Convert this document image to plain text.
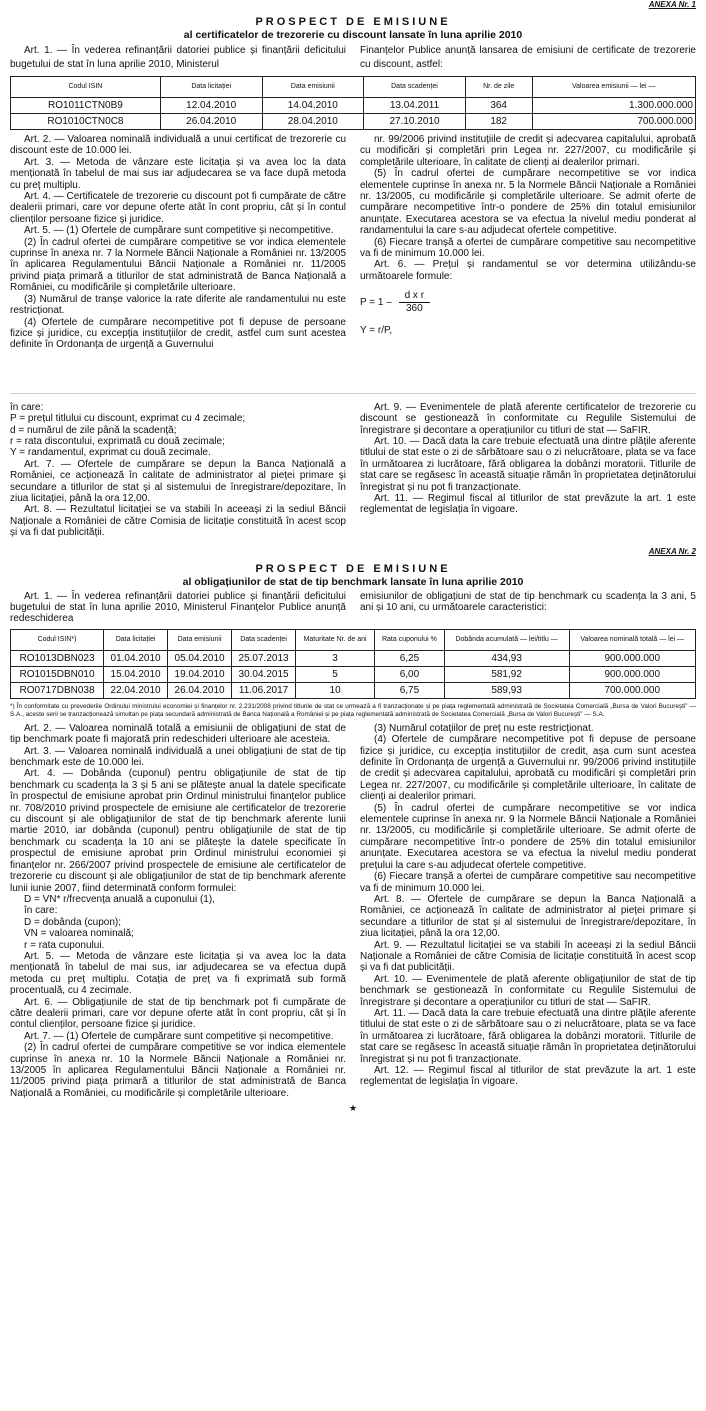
ANEXA Nr. 1
PROSPECT DE EMISIUNE
al certificatelor de trezorerie cu discount lansate în luna aprilie 2010

Art. 1. — În vederea refinanțării datoriei publice și finanțării deficitului bugetului de stat în luna aprilie 2010, Ministerul

Finanțelor Publice anunță lansarea de emisiuni de certificate de trezorerie cu discount, astfel:

Codul ISIN	Data licitației	Data emisiunii	Data scadenței	Nr. de zile	Valoarea emisiunii — lei —
RO1011CTN0B9	12.04.2010	14.04.2010	13.04.2011	364	1.300.000.000
RO1010CTN0C8	26.04.2010	28.04.2010	27.10.2010	182	700.000.000

Art. 2. — Valoarea nominală individuală a unui certificat de trezorerie cu discount este de 10.000 lei.

Art. 3. — Metoda de vânzare este licitația și va avea loc la data menționată în tabelul de mai sus iar adjudecarea se va face după metoda cu preț multiplu.

Art. 4. — Certificatele de trezorerie cu discount pot fi cumpărate de către dealerii primari, care vor depune oferte atât în cont propriu, cât și în contul clienților persoane fizice și juridice.

Art. 5. — (1) Ofertele de cumpărare sunt competitive și necompetitive.

(2) În cadrul ofertei de cumpărare competitive se vor indica elementele cuprinse în anexa nr. 7 la Normele Băncii Naționale a României nr. 13/2005 în aplicarea Regulamentului Băncii Naționale a României nr. 11/2005 privind piața primară a titlurilor de stat administrată de Banca Națională a României, cu modificările și completările ulterioare.

(3) Numărul de tranșe valorice la rate diferite ale randamentului nu este restricționat.

(4) Ofertele de cumpărare necompetitive pot fi depuse de persoane fizice și juridice, cu excepția instituțiilor de credit, astfel cum sunt acestea definite în Ordonanța de urgență a Guvernului

nr. 99/2006 privind instituțiile de credit și adecvarea capitalului, aprobată cu modificări și completări prin Legea nr. 227/2007, cu modificările și completările ulterioare, în calitate de clienți ai dealerilor primari.

(5) În cadrul ofertei de cumpărare necompetitive se vor indica elementele cuprinse în anexa nr. 5 la Normele Băncii Naționale a României nr. 13/2005, cu modificările și completările ulterioare. Se admit oferte de cumpărare necompetitive într-o pondere de 25% din totalul emisiunilor anunțate. Executarea acestora se va efectua la nivelul mediu ponderat al randamentului la care s-au adjudecat ofertele competitive.

(6) Fiecare tranșă a ofertei de cumpărare competitive sau necompetitive va fi de minimum 10.000 lei.

Art. 6. — Prețul și randamentul se vor determina utilizându-se următoarele formule:

$P = 1 - \frac{\text{d x r}}{360}$
Y = r/P,

în care:

P = prețul titlului cu discount, exprimat cu 4 zecimale;

d = numărul de zile până la scadență;

r = rata discontului, exprimată cu două zecimale;

Y = randamentul, exprimat cu două zecimale.

Art. 7. — Ofertele de cumpărare se depun la Banca Națională a României, ce acționează în calitate de administrator al pieței primare și secundare a titlurilor de stat și al sistemului de înregistrare/depozitare, în ziua licitației, până la ora 12,00.

Art. 8. — Rezultatul licitației se va stabili în aceeași zi la sediul Băncii Naționale a României de către Comisia de licitație constituită în acest scop și va fi dat publicității.

Art. 9. — Evenimentele de plată aferente certificatelor de trezorerie cu discount se gestionează în conformitate cu Regulile Sistemului de înregistrare și decontare a operațiunilor cu titluri de stat — SaFIR.

Art. 10. — Dacă data la care trebuie efectuată una dintre plățile aferente titlului de stat este o zi de sărbătoare sau o zi nelucrătoare, plata se va face în următoarea zi lucrătoare, fără obligarea la dobânzi moratorii. Titlurile de stat care se regăsesc în această situație rămân în proprietatea deținătorului înregistrat și nu pot fi tranzacționate.

Art. 11. — Regimul fiscal al titlurilor de stat prevăzute la art. 1 este reglementat de legislația în vigoare.

ANEXA Nr. 2
PROSPECT DE EMISIUNE
al obligațiunilor de stat de tip benchmark lansate în luna aprilie 2010

Art. 1. — În vederea refinanțării datoriei publice și finanțării deficitului bugetului de stat în luna aprilie 2010, Ministerul Finanțelor Publice anunță redeschiderea

emisiunilor de obligațiuni de stat de tip benchmark cu scadența la 3 ani, 5 ani și 10 ani, cu următoarele caracteristici:

Codul ISIN*)	Data licitației	Data emisiunii	Data scadenței	Maturitate Nr. de ani	Rata cuponului %	Dobânda acumulată — lei/titlu —	Valoarea nominală totală — lei —
RO1013DBN023	01.04.2010	05.04.2010	25.07.2013	3	6,25	434,93	900.000.000
RO1015DBN010	15.04.2010	19.04.2010	30.04.2015	5	6,00	581,92	900.000.000
RO0717DBN038	22.04.2010	26.04.2010	11.06.2017	10	6,75	589,93	700.000.000
*) În conformitate cu prevederile Ordinului ministrului economiei și finanțelor nr. 2.231/2008 privind titlurile de stat ce urmează a fi tranzacționate și pe piața reglementată administrată de Societatea Comercială „Bursa de Valori București” — S.A., aceste serii se tranzacționează simultan pe piața secundară administrată de Banca Națională a României și pe piața reglementată administrată de Societatea Comercială „Bursa de Valori București” — S.A.

Art. 2. — Valoarea nominală totală a emisiunii de obligațiuni de stat de tip benchmark poate fi majorată prin redeschideri ulterioare ale acesteia.

Art. 3. — Valoarea nominală individuală a unei obligațiuni de stat de tip benchmark este de 10.000 lei.

Art. 4. — Dobânda (cuponul) pentru obligațiunile de stat de tip benchmark cu scadența la 3 și 5 ani se plătește anual la datele specificate în prospectul de emisiune aprobat prin Ordinul ministrului finanțelor publice nr. 708/2010 privind prospectele de emisiune ale certificatelor de trezorerie cu discount și ale obligațiunilor de stat de tip benchmark aferente lunii martie 2010, iar dobânda (cuponul) pentru obligațiunile de stat de tip benchmark cu scadența la 10 ani se plătește la datele specificate în prospectul de emisiune aprobat prin Ordinul ministrului economiei și finanțelor nr. 266/2007 privind prospectele de emisiune ale certificatelor de trezorerie cu discount și ale obligațiunilor de stat de tip benchmark aferente lunii iunie 2007, fiind determinată conform formulei:

D = VN* r/frecvența anuală a cuponului (1),

în care:

D = dobânda (cupon);

VN = valoarea nominală;

r = rata cuponului.

Art. 5. — Metoda de vânzare este licitația și va avea loc la data menționată în tabelul de mai sus, iar adjudecarea se va efectua după metoda cu preț multiplu. Cotația de preț va fi exprimată sub formă procentuală, cu 4 zecimale.

Art. 6. — Obligațiunile de stat de tip benchmark pot fi cumpărate de către dealerii primari, care vor depune oferte atât în cont propriu, cât și în contul clienților, persoane fizice și juridice.

Art. 7. — (1) Ofertele de cumpărare sunt competitive și necompetitive.

(2) În cadrul ofertei de cumpărare competitive se vor indica elementele cuprinse în anexa nr. 10 la Normele Băncii Naționale a României nr. 13/2005 în aplicarea Regulamentului Băncii Naționale a României nr. 11/2005 privind piața primară a titlurilor de stat administrată de Banca Națională a României, cu modificările și completările ulterioare.

(3) Numărul cotațiilor de preț nu este restricționat.

(4) Ofertele de cumpărare necompetitive pot fi depuse de persoane fizice și juridice, cu excepția instituțiilor de credit, așa cum sunt acestea definite în Ordonanța de urgență a Guvernului nr. 99/2006 privind instituțiile de credit și adecvarea capitalului, aprobată cu modificări și completări prin Legea nr. 227/2007, cu modificările și completările ulterioare, în calitate de clienți ai dealerilor primari.

(5) În cadrul ofertei de cumpărare necompetitive se vor indica elementele cuprinse în anexa nr. 9 la Normele Băncii Naționale a României nr. 13/2005, cu modificările și completările ulterioare. Se admit oferte de cumpărare necompetitive într-o pondere de 25% din totalul emisiunilor anunțate. Executarea acestora se va efectua la nivelul mediu ponderat prețului la care s-au adjudecat ofertele competitive.

(6) Fiecare tranșă a ofertei de cumpărare competitive sau necompetitive va fi de minimum 10.000 lei.

Art. 8. — Ofertele de cumpărare se depun la Banca Națională a României, ce acționează în calitate de administrator al pieței primare și secundare a titlurilor de stat și al sistemului de înregistrare/depozitare, în ziua licitației, până la ora 12,00.

Art. 9. — Rezultatul licitației se va stabili în aceeași zi la sediul Băncii Naționale a României de către Comisia de licitație constituită în acest scop și va fi dat publicității.

Art. 10. — Evenimentele de plată aferente obligațiunilor de stat de tip benchmark se gestionează în conformitate cu Regulile Sistemului de înregistrare și decontare a operațiunilor cu titluri de stat — SaFIR.

Art. 11. — Dacă data la care trebuie efectuată una dintre plățile aferente titlului de stat este o zi de sărbătoare sau o zi nelucrătoare, plata se va face în următoarea zi lucrătoare, fără obligarea la dobânzi moratorii. Titlurile de stat care se regăsesc în această situație rămân în proprietatea deținătorului înregistrat și nu pot fi tranzacționate.

Art. 12. — Regimul fiscal al titlurilor de stat prevăzute la art. 1 este reglementat de legislația în vigoare.

★
